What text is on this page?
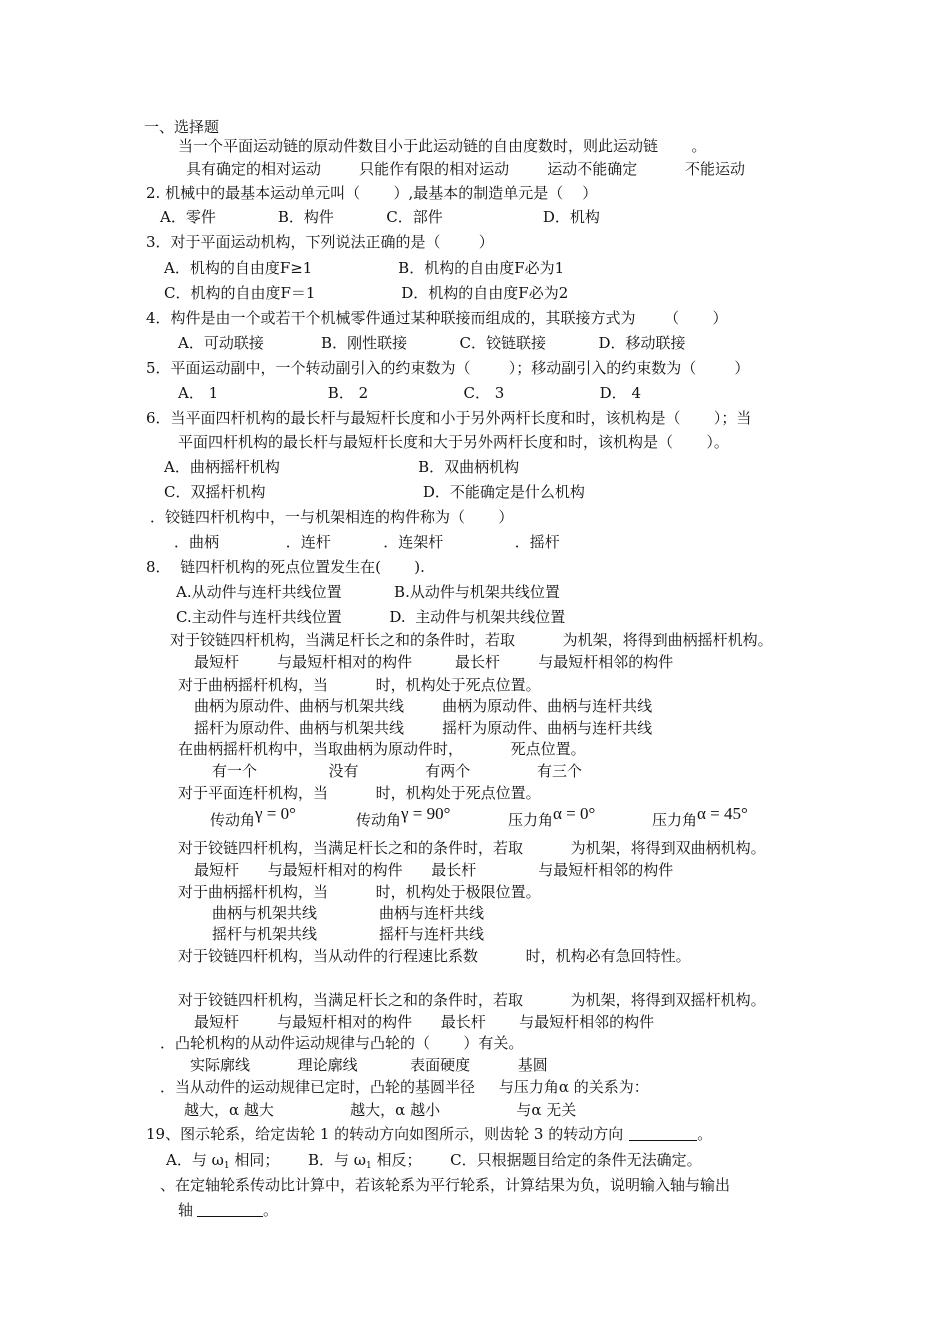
一、选择题
当一个平面运动链的原动件数目小于此运动链的自由度数时，则此运动链       。
具有确定的相对运动        只能作有限的相对运动        运动不能确定          不能运动
2. 机械中的最基本运动单元叫（       ）,最基本的制造单元是（    ）
A．零件             B．构件           C．部件                     D．机构
3．对于平面运动机构，下列说法正确的是（        ）
A．机构的自由度F≥1                  B．机构的自由度F必为1
C．机构的自由度F＝1                  D．机构的自由度F必为2
4．构件是由一个或若干个机械零件通过某种联接而组成的，其联接方式为      （       ）
A．可动联接            B．刚性联接           C．铰链联接           D．移动联接
5．平面运动副中，一个转动副引入的约束数为（        ）；移动副引入的约束数为（        ）
A． 1                       B． 2                    C． 3                    D． 4
6．当平面四杆机构的最长杆与最短杆长度和小于另外两杆长度和时，该机构是（       ）；当
平面四杆机构的最长杆与最短杆长度和大于另外两杆长度和时，该机构是（       ）。
A．曲柄摇杆机构                             B．双曲柄机构
C．双摇杆机构                                 D．不能确定是什么机构
．铰链四杆机构中，一与机架相连的构件称为（       ）
．曲柄              ．连杆           ．连架杆               ．摇杆
8．  链四杆机构的死点位置发生在(       ).
A.从动件与连杆共线位置           B.从动件与机架共线位置
C.主动件与连杆共线位置          D.  主动件与机架共线位置
对于铰链四杆机构，当满足杆长之和的条件时，若取          为机架，将得到曲柄摇杆机构。
最短杆        与最短杆相对的构件         最长杆        与最短杆相邻的构件
对于曲柄摇杆机构，当          时，机构处于死点位置。
曲柄为原动件、曲柄与机架共线        曲柄为原动件、曲柄与连杆共线
摇杆为原动件、曲柄与机架共线        摇杆为原动件、曲柄与连杆共线
在曲柄摇杆机构中，当取曲柄为原动件时，          死点位置。
有一个               没有              有两个              有三个
对于平面连杆机构，当          时，机构处于死点位置。
对于铰链四杆机构，当满足杆长之和的条件时，若取          为机架，将得到双曲柄机构。
最短杆      与最短杆相对的构件      最长杆             与最短杆相邻的构件
对于曲柄摇杆机构，当          时，机构处于极限位置。
曲柄与机架共线             曲柄与连杆共线
摇杆与机架共线             摇杆与连杆共线
对于铰链四杆机构，当从动件的行程速比系数          时，机构必有急回特性。
对于铰链四杆机构，当满足杆长之和的条件时，若取          为机架，将得到双摇杆机构。
最短杆        与最短杆相对的构件      最长杆       与最短杆相邻的构件
．凸轮机构的从动件运动规律与凸轮的（       ）有关。
实际廓线          理论廓线           表面硬度          基圆
．当从动件的运动规律已定时，凸轮的基圆半径     与压力角α 的关系为：
越大，α 越大                越大，α 越小                与α 无关
传动角γ = 0°	传动角γ = 90°	压力角α = 0°	压力角α = 45°
19、图示轮系，给定齿轮 1 的转动方向如图所示，则齿轮 3 的转动方向	。
A．与 $\omega_1$ 相同；      B．与 $\omega_1$ 相反；      C．只根据题目给定的条件无法确定。
、在定轴轮系传动比计算中，若该轮系为平行轮系，计算结果为负，说明输入轴与输出
轴	。
